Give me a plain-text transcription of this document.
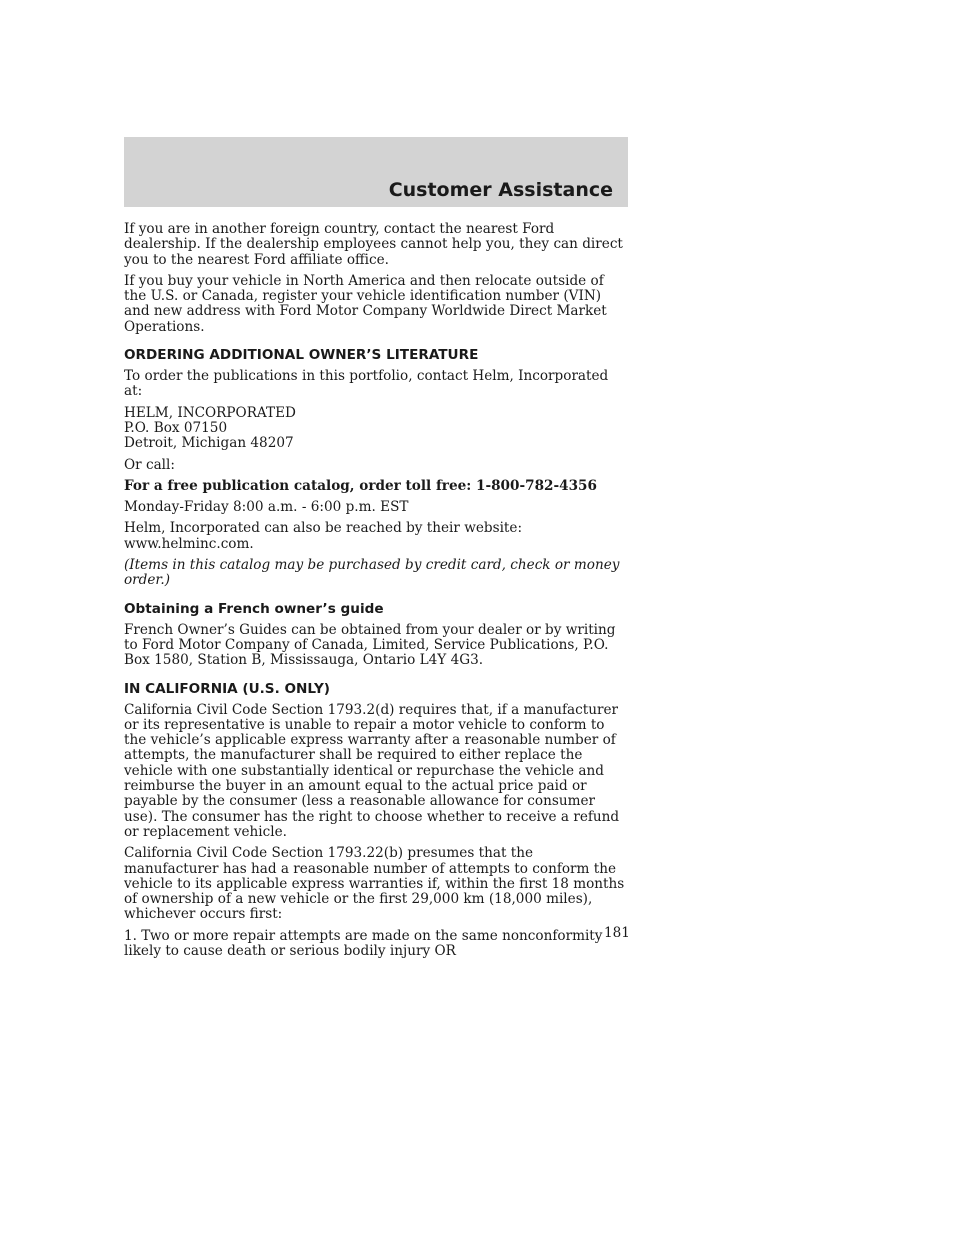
Customer Assistance

If you are in another foreign country, contact the nearest Ford dealership. If the dealership employees cannot help you, they can direct you to the nearest Ford affiliate office.

If you buy your vehicle in North America and then relocate outside of the U.S. or Canada, register your vehicle identification number (VIN) and new address with Ford Motor Company Worldwide Direct Market Operations.

ORDERING ADDITIONAL OWNER’S LITERATURE

To order the publications in this portfolio, contact Helm, Incorporated at:

HELM, INCORPORATED
P.O. Box 07150
Detroit, Michigan 48207

Or call:

For a free publication catalog, order toll free: 1-800-782-4356

Monday-Friday 8:00 a.m. - 6:00 p.m. EST

Helm, Incorporated can also be reached by their website: www.helminc.com.

(Items in this catalog may be purchased by credit card, check or money order.)

Obtaining a French owner’s guide

French Owner’s Guides can be obtained from your dealer or by writing to Ford Motor Company of Canada, Limited, Service Publications, P.O. Box 1580, Station B, Mississauga, Ontario L4Y 4G3.

IN CALIFORNIA (U.S. ONLY)

California Civil Code Section 1793.2(d) requires that, if a manufacturer or its representative is unable to repair a motor vehicle to conform to the vehicle’s applicable express warranty after a reasonable number of attempts, the manufacturer shall be required to either replace the vehicle with one substantially identical or repurchase the vehicle and reimburse the buyer in an amount equal to the actual price paid or payable by the consumer (less a reasonable allowance for consumer use). The consumer has the right to choose whether to receive a refund or replacement vehicle.

California Civil Code Section 1793.22(b) presumes that the manufacturer has had a reasonable number of attempts to conform the vehicle to its applicable express warranties if, within the first 18 months of ownership of a new vehicle or the first 29,000 km (18,000 miles), whichever occurs first:

1. Two or more repair attempts are made on the same nonconformity likely to cause death or serious bodily injury OR

181
